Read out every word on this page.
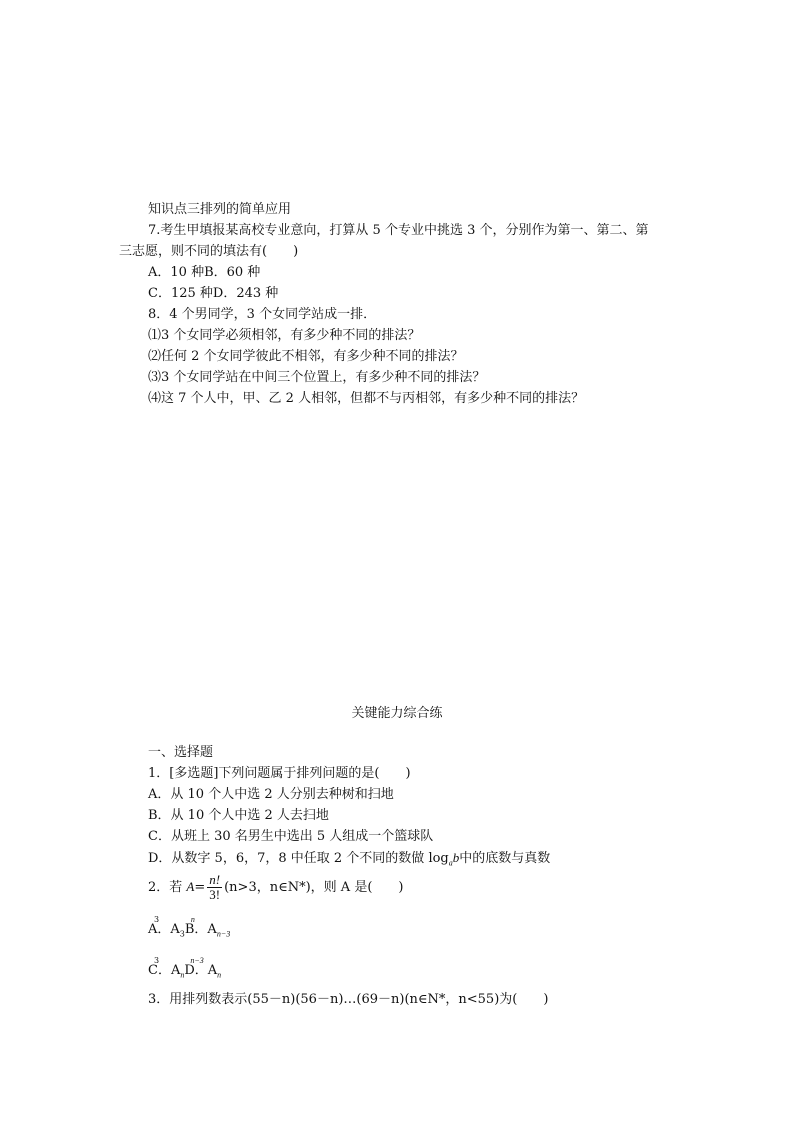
知识点三排列的简单应用
7.考生甲填报某高校专业意向，打算从 5 个专业中挑选 3 个，分别作为第一、第二、第
三志愿，则不同的填法有(　　)
A．10 种B．60 种
C．125 种D．243 种
8．4 个男同学，3 个女同学站成一排．
⑴3 个女同学必须相邻，有多少种不同的排法？
⑵任何 2 个女同学彼此不相邻，有多少种不同的排法？
⑶3 个女同学站在中间三个位置上，有多少种不同的排法？
⑷这 7 个人中，甲、乙 2 人相邻，但都不与丙相邻，有多少种不同的排法？
关键能力综合练
一、选择题
1．[多选题]下列问题属于排列问题的是(　　)
A．从 10 个人中选 2 人分别去种树和扫地
B．从 10 个人中选 2 人去扫地
C．从班上 30 名男生中选出 5 人组成一个篮球队
D．从数字 5，6，7，8 中任取 2 个不同的数做 $\log_ab$中的底数与真数
2．若 $A= \frac{n!}{3!} (n>3$，n∈N*)，则 A 是(　　)
A．A
3
$_3$B．A
n
$_{n-3}$
C．A
3
$_n$D．A
n−3
$_n$
3．用排列数表示(55－n)(56－n)…(69－n)(n∈N*，n<55)为(　　)
